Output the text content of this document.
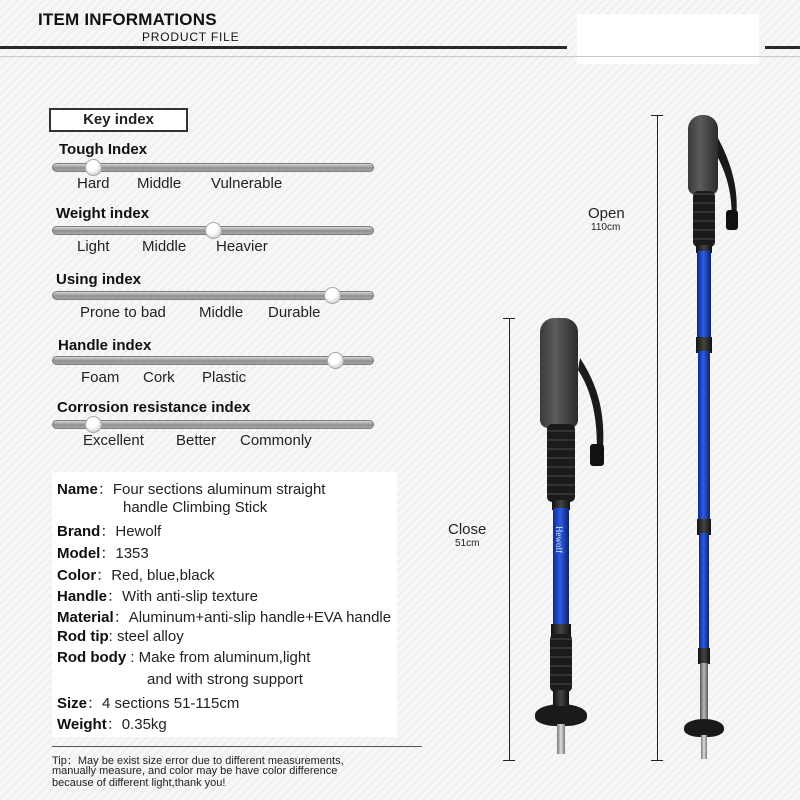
ITEM INFORMATIONS
PRODUCT FILE
Key index
Tough Index
Hard Middle Vulnerable
Weight index
Light Middle Heavier
Using index
Prone to bad Middle Durable
Handle index
Foam Cork Plastic
Corrosion resistance index
Excellent Better Commonly
Name：Four sections aluminum straight
handle Climbing Stick
Brand：Hewolf
Model：1353
Color：Red, blue,black
Handle：With anti-slip texture
Material：Aluminum+anti-slip handle+EVA handle
Rod tip: steel alloy
Rod body : Make from aluminum,light
and with strong support
Size：4 sections 51-115cm
Weight：0.35kg
Tip：May be exist size error due to different measurements,
manually measure, and color may be have color difference
because of different light,thank you!
Close
51cm
Open
110cm
Hewolf
